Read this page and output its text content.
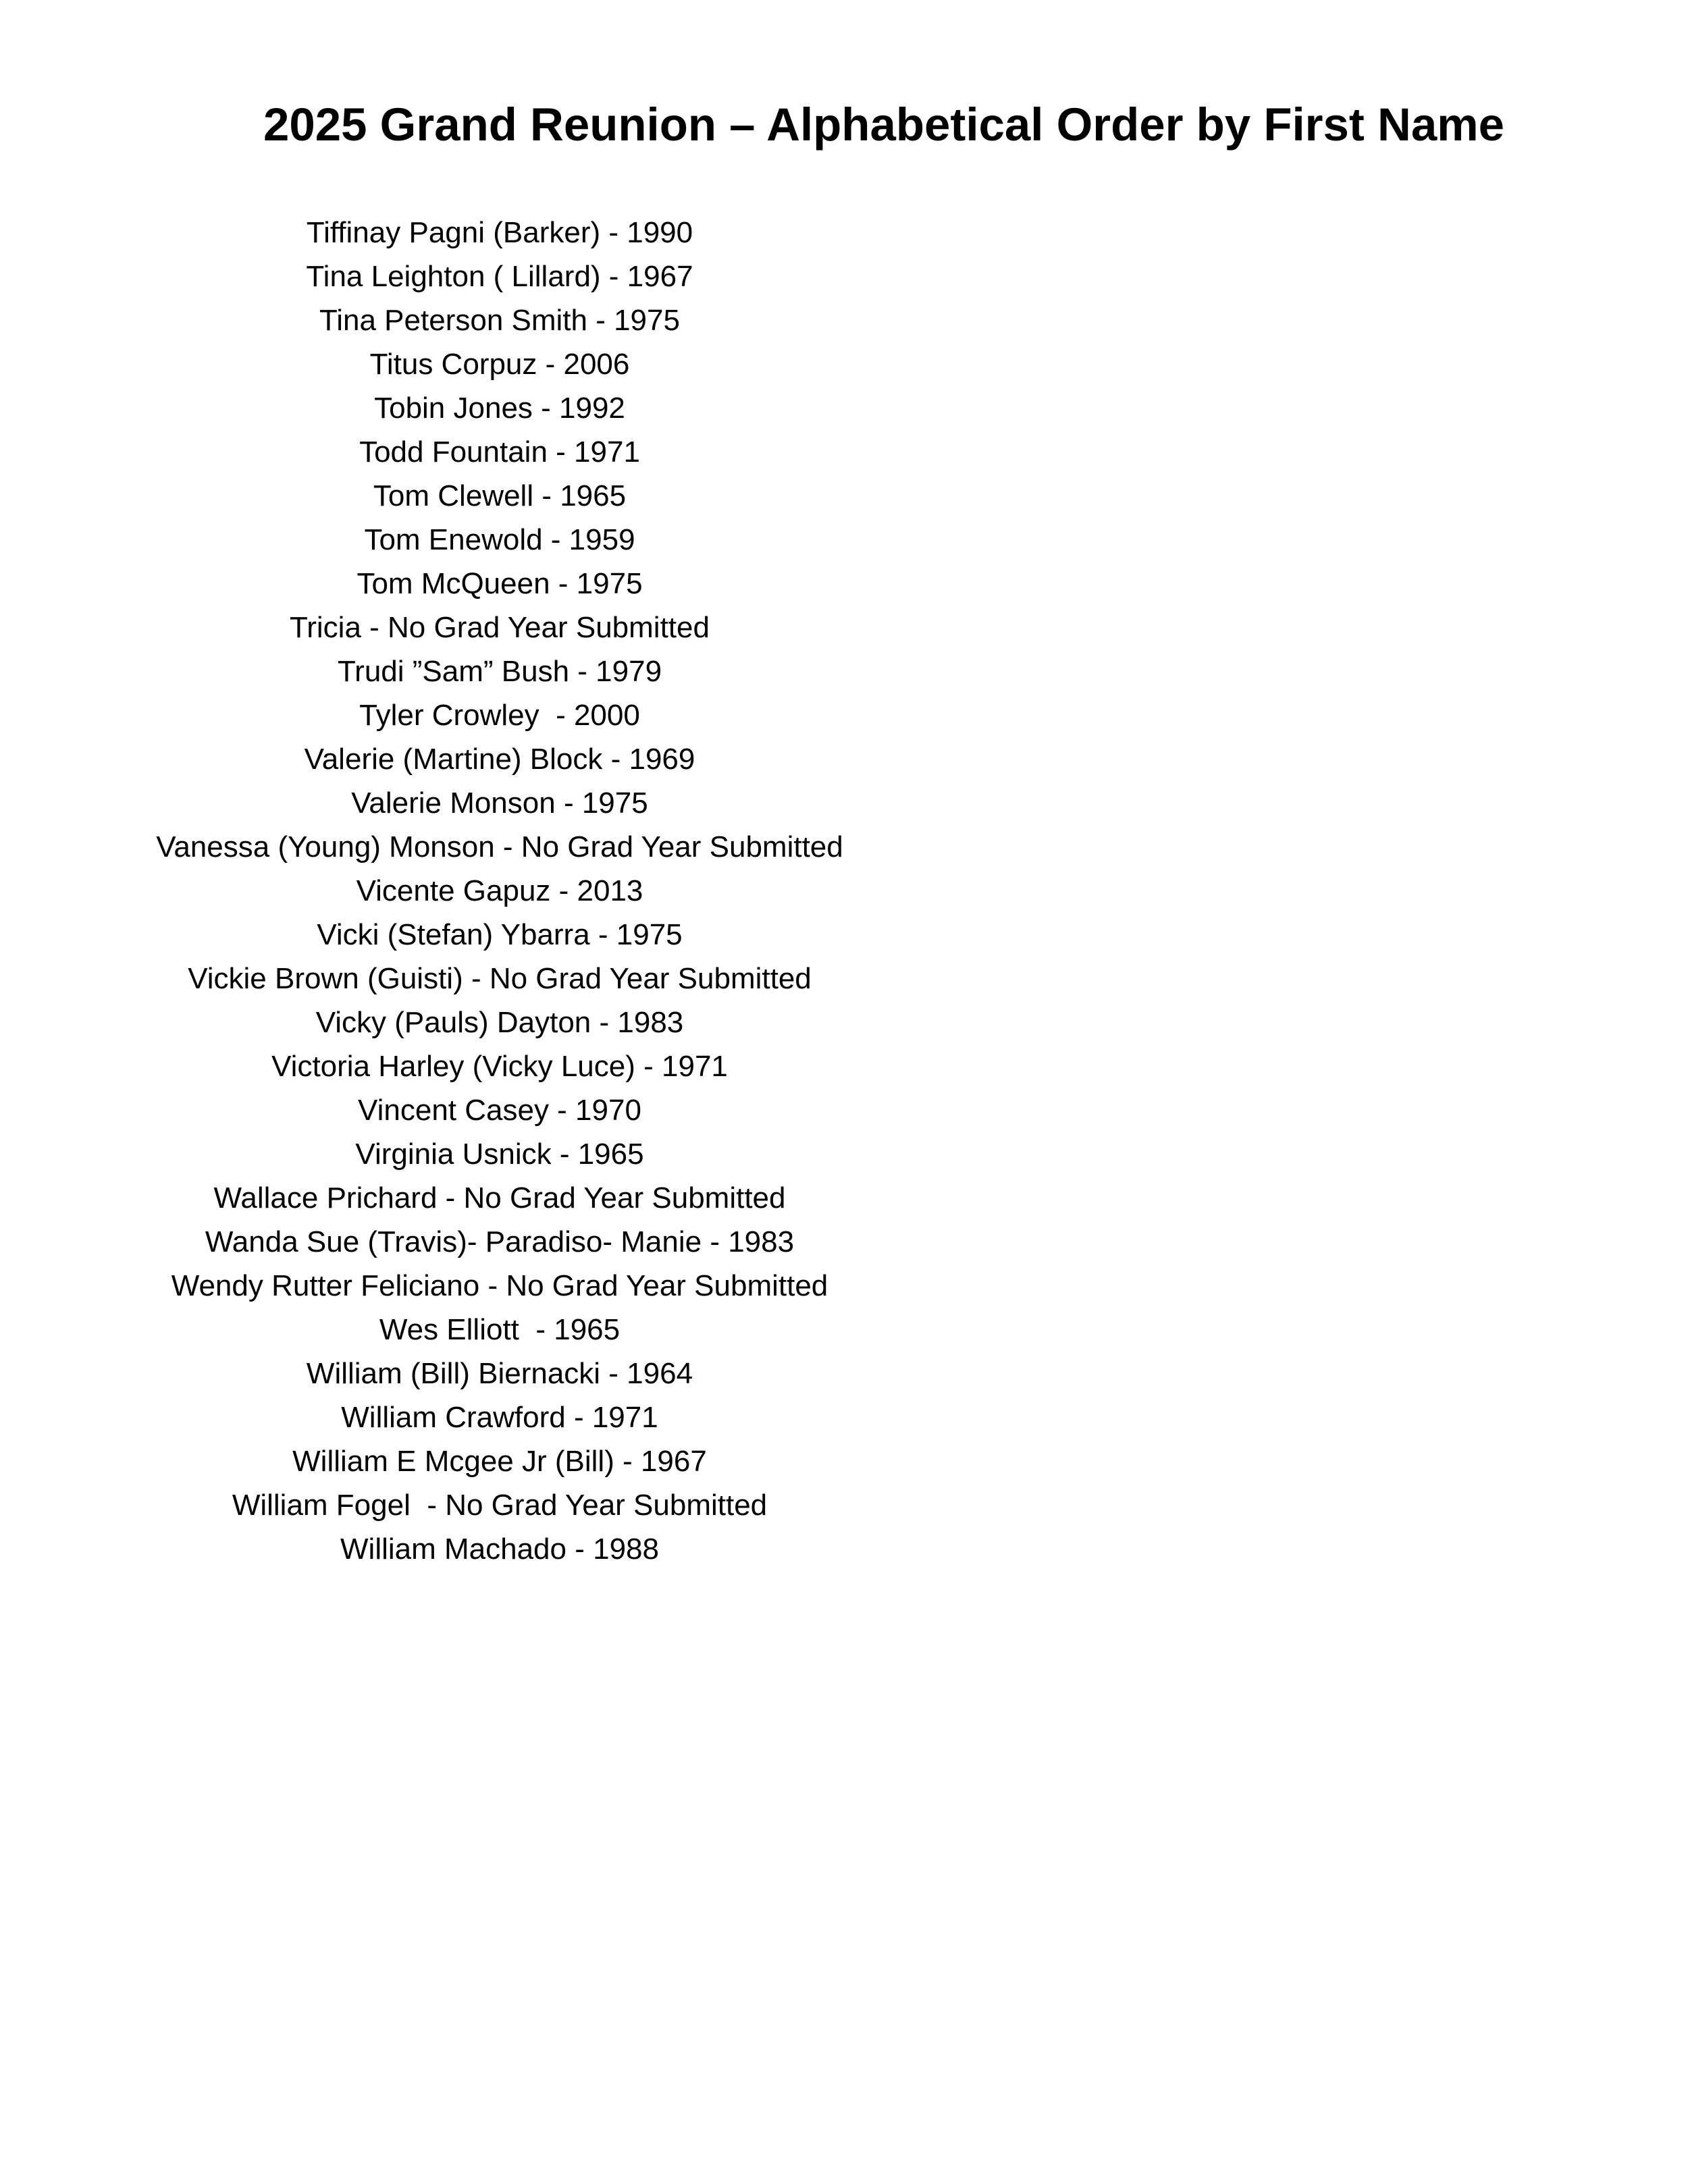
2025 Grand Reunion – Alphabetical Order by First Name
Tiffinay Pagni (Barker) - 1990
Tina Leighton ( Lillard) - 1967
Tina Peterson Smith - 1975
Titus Corpuz - 2006
Tobin Jones - 1992
Todd Fountain - 1971
Tom Clewell - 1965
Tom Enewold - 1959
Tom McQueen - 1975
Tricia - No Grad Year Submitted
Trudi ”Sam” Bush - 1979
Tyler Crowley  - 2000
Valerie (Martine) Block - 1969
Valerie Monson - 1975
Vanessa (Young) Monson - No Grad Year Submitted
Vicente Gapuz - 2013
Vicki (Stefan) Ybarra - 1975
Vickie Brown (Guisti) - No Grad Year Submitted
Vicky (Pauls) Dayton - 1983
Victoria Harley (Vicky Luce) - 1971
Vincent Casey - 1970
Virginia Usnick - 1965
Wallace Prichard - No Grad Year Submitted
Wanda Sue (Travis)- Paradiso- Manie - 1983
Wendy Rutter Feliciano - No Grad Year Submitted
Wes Elliott  - 1965
William (Bill) Biernacki - 1964
William Crawford - 1971
William E Mcgee Jr (Bill) - 1967
William Fogel  - No Grad Year Submitted
William Machado - 1988
